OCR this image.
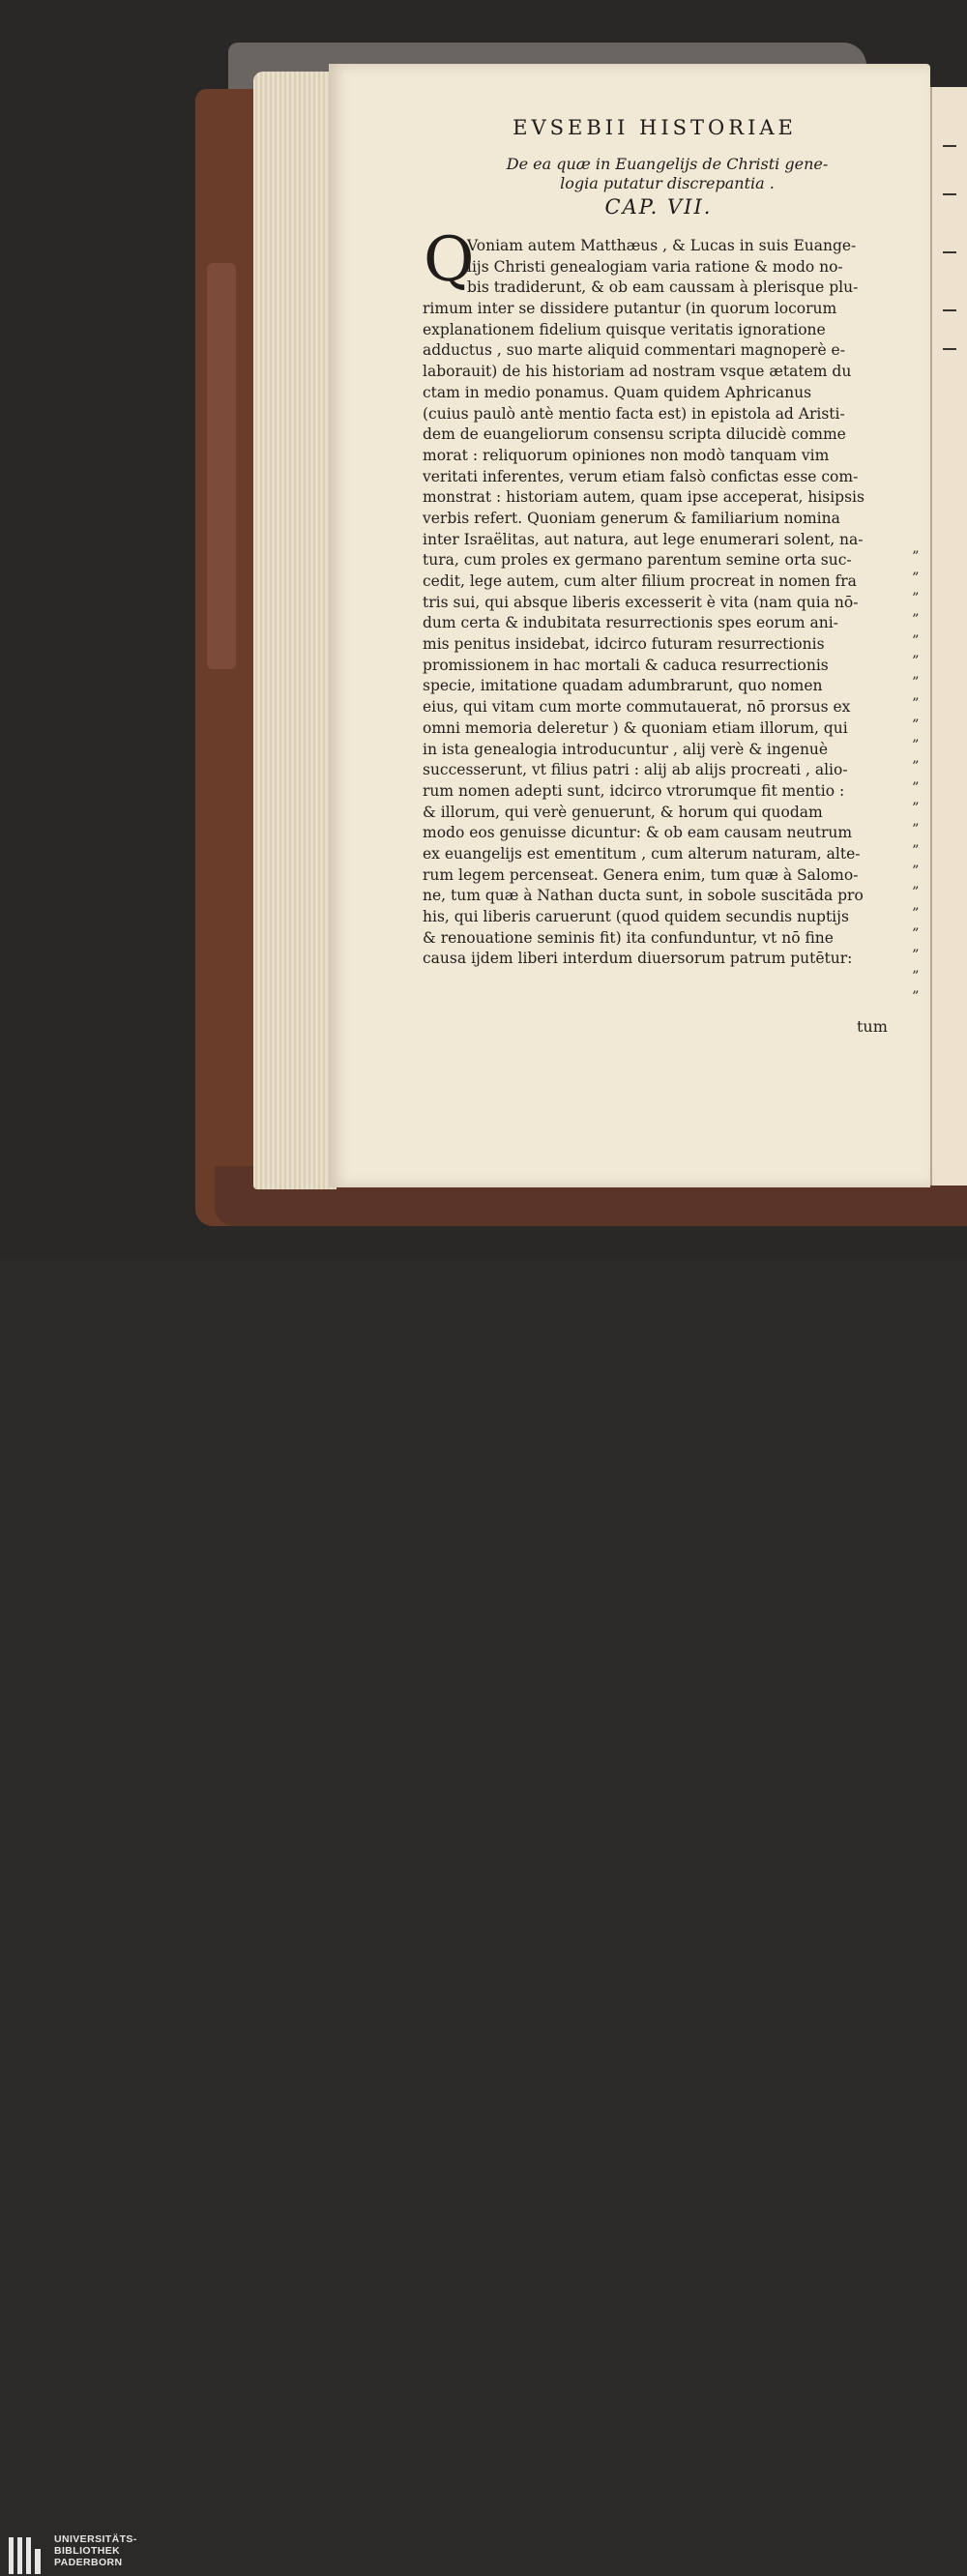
EVSEBII HISTORIAE
De ea quæ in Euangelijs de Christi gene-
logia putatur discrepantia .
CAP. VII.
Q
Voniam autem Matthæus , & Lucas in suis Euange-
lijs Christi genealogiam varia ratione & modo no-
bis tradiderunt, & ob eam caussam à plerisque plu-
rimum inter se dissidere putantur (in quorum locorum
explanationem fidelium quisque veritatis ignoratione
adductus , suo marte aliquid commentari magnoperè e-
laborauit) de his historiam ad nostram vsque ætatem du
ctam in medio ponamus. Quam quidem Aphricanus
(cuius paulò antè mentio facta est) in epistola ad Aristi-
dem de euangeliorum consensu scripta dilucidè comme
morat : reliquorum opiniones non modò tanquam vim
veritati inferentes, verum etiam falsò confictas esse com-
monstrat : historiam autem, quam ipse acceperat, hisipsis
verbis refert. Quoniam generum & familiarium nomina
inter Israëlitas, aut natura, aut lege enumerari solent, na-
tura, cum proles ex germano parentum semine orta suc-
cedit, lege autem, cum alter filium procreat in nomen fra
tris sui, qui absque liberis excesserit è vita (nam quia nō-
dum certa & indubitata resurrectionis spes eorum ani-
mis penitus insidebat, idcirco futuram resurrectionis
promissionem in hac mortali & caduca resurrectionis
specie, imitatione quadam adumbrarunt, quo nomen
eius, qui vitam cum morte commutauerat, nō prorsus ex
omni memoria deleretur ) & quoniam etiam illorum, qui
in ista genealogia introducuntur , alij verè & ingenuè
successerunt, vt filius patri : alij ab alijs procreati , alio-
rum nomen adepti sunt, idcirco vtrorumque fit mentio :
& illorum, qui verè genuerunt, & horum qui quodam
modo eos genuisse dicuntur: & ob eam causam neutrum
ex euangelijs est ementitum , cum alterum naturam, alte-
rum legem percenseat. Genera enim, tum quæ à Salomo-
ne, tum quæ à Nathan ducta sunt, in sobole suscitāda pro
his, qui liberis caruerunt (quod quidem secundis nuptijs
& renouatione seminis fit) ita confunduntur, vt nō fine
causa ijdem liberi interdum diuersorum patrum putētur:
„
„
„
„
„
„
„
„
„
„
„
„
„
„
„
„
„
„
„
„
„
„
tum
UNIVERSITÄTS-
BIBLIOTHEK
PADERBORN
